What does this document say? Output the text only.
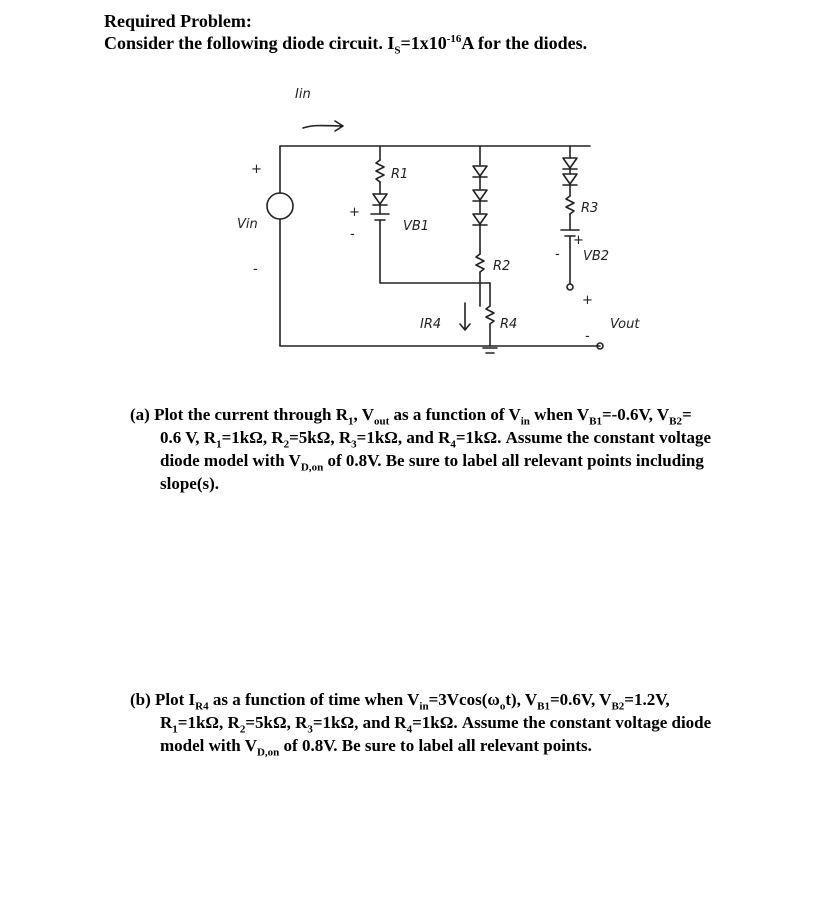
Required Problem:

Consider the following diode circuit. $I_S=1x10^{-16}A$ for the diodes.

Iin
+
Vin
-
R1
+
VB1
-
R2
R3
+
VB2
-
IR4	R4
+
Vout
-
(a) Plot the current through $R_1$, $V_{out}$ as a function of $V_{in}$ when $V_{B1}=-0.6V$, $V_{B2}=$
0.6 V, $R_1=1k\Omega$, $R_2=5k\Omega$, $R_3=1k\Omega$, and $R_4=1k\Omega$. Assume the constant voltage
diode model with $V_{D,on}$ of 0.8V. Be sure to label all relevant points including
slope(s).
(b) Plot $I_{R4}$ as a function of time when $V_{in}=3Vcos(\omega_ot)$, $V_{B1}=0.6V$, $V_{B2}=1.2V$,
$R_1=1k\Omega$, $R_2=5k\Omega$, $R_3=1k\Omega$, and $R_4=1k\Omega$. Assume the constant voltage diode
model with $V_{D,on}$ of 0.8V. Be sure to label all relevant points.
